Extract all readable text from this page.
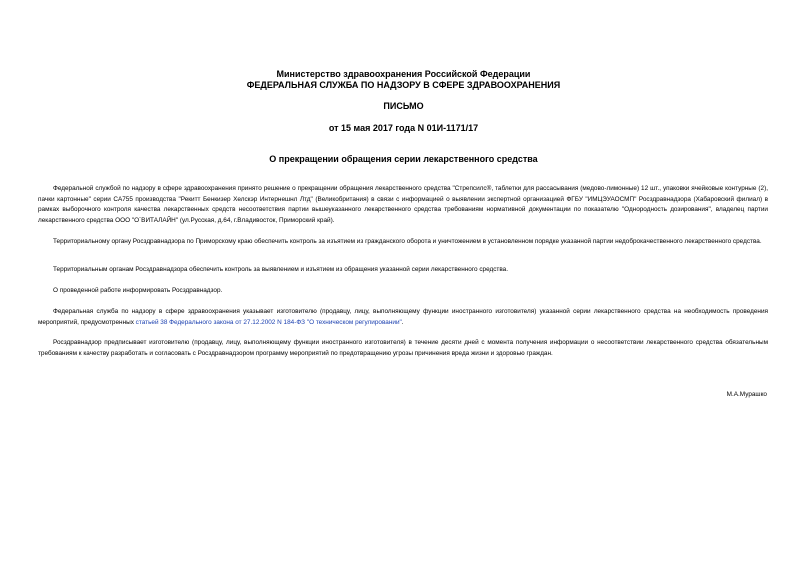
Министерство здравоохранения Российской Федерации
ФЕДЕРАЛЬНАЯ СЛУЖБА ПО НАДЗОРУ В СФЕРЕ ЗДРАВООХРАНЕНИЯ
ПИСЬМО
от 15 мая 2017 года N 01И-1171/17
О прекращении обращения серии лекарственного средства
Федеральной службой по надзору в сфере здравоохранения принято решение о прекращении обращения лекарственного средства "Стрепсилс®, таблетки для рассасывания (медово-лимонные) 12 шт., упаковки ячейковые контурные (2), пачки картонные" серии CA755 производства "Рекитт Бенкизер Хелскэр Интернешнл Лтд" (Великобритания) в связи с информацией о выявлении экспертной организацией ФГБУ "ИМЦЭУАОСМП" Росздравнадзора (Хабаровский филиал) в рамках выборочного контроля качества лекарственных средств несоответствия партии вышеуказанного лекарственного средства требованиям нормативной документации по показателю "Однородность дозирования", владелец партии лекарственного средства ООО "О`ВИТАЛАЙН" (ул.Русская, д.64, г.Владивосток, Приморский край).
Территориальному органу Росздравнадзора по Приморскому краю обеспечить контроль за изъятием из гражданского оборота и уничтожением в установленном порядке указанной партии недоброкачественного лекарственного средства.
Территориальным органам Росздравнадзора обеспечить контроль за выявлением и изъятием из обращения указанной серии лекарственного средства.
О проведенной работе информировать Росздравнадзор.
Федеральная служба по надзору в сфере здравоохранения указывает изготовителю (продавцу, лицу, выполняющему функции иностранного изготовителя) указанной серии лекарственного средства на необходимость проведения мероприятий, предусмотренных статьей 38 Федерального закона от 27.12.2002 N 184-ФЗ "О техническом регулировании".
Росздравнадзор предписывает изготовителю (продавцу, лицу, выполняющему функции иностранного изготовителя) в течение десяти дней с момента получения информации о несоответствии лекарственного средства обязательным требованиям к качеству разработать и согласовать с Росздравнадзором программу мероприятий по предотвращению угрозы причинения вреда жизни и здоровью граждан.
М.А.Мурашко
